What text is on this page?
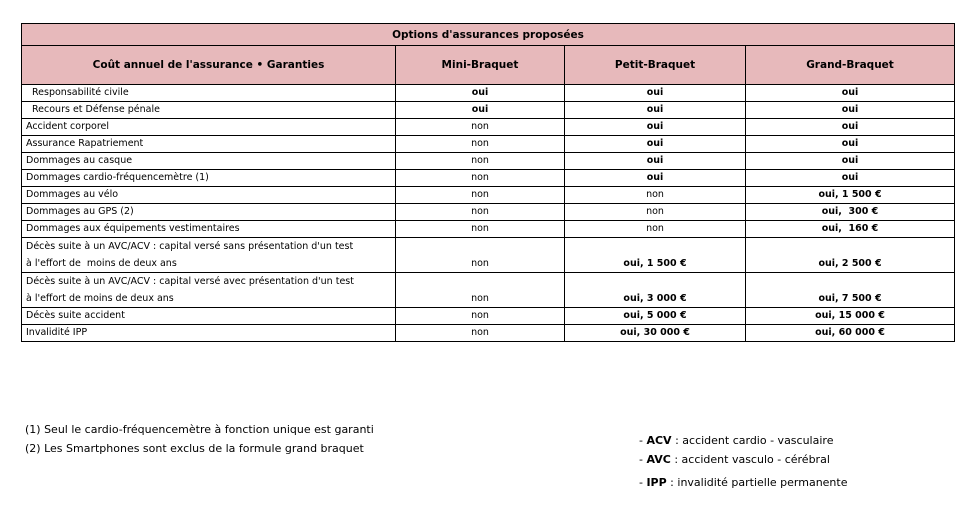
Options d'assurances proposées			
Coût annuel de l'assurance • Garanties	Mini-Braquet	Petit-Braquet	Grand-Braquet
Responsabilité civile	oui	oui	oui
Recours et Défense pénale	oui	oui	oui
Accident corporel	non	oui	oui
Assurance Rapatriement	non	oui	oui
Dommages au casque	non	oui	oui
Dommages cardio-fréquencemètre (1)	non	oui	oui
Dommages au vélo	non	non	oui, 1 500 €
Dommages au GPS (2)	non	non	oui,  300 €
Dommages aux équipements vestimentaires	non	non	oui,  160 €

Décès suite à un AVC/ACV : capital versé sans présentation d'un test
à l'effort de  moins de deux ans	non	oui, 1 500 €	oui, 2 500 €

Décès suite à un AVC/ACV : capital versé avec présentation d'un test
à l'effort de moins de deux ans	non	oui, 3 000 €	oui, 7 500 €
Décès suite accident	non	oui, 5 000 €	oui, 15 000 €
Invalidité IPP	non	oui, 30 000 €	oui, 60 000 €
(1) Seul le cardio-fréquencemètre à fonction unique est garanti
(2) Les Smartphones sont exclus de la formule grand braquet
- ACV : accident cardio - vasculaire
- AVC : accident vasculo - cérébral
- IPP : invalidité partielle permanente
